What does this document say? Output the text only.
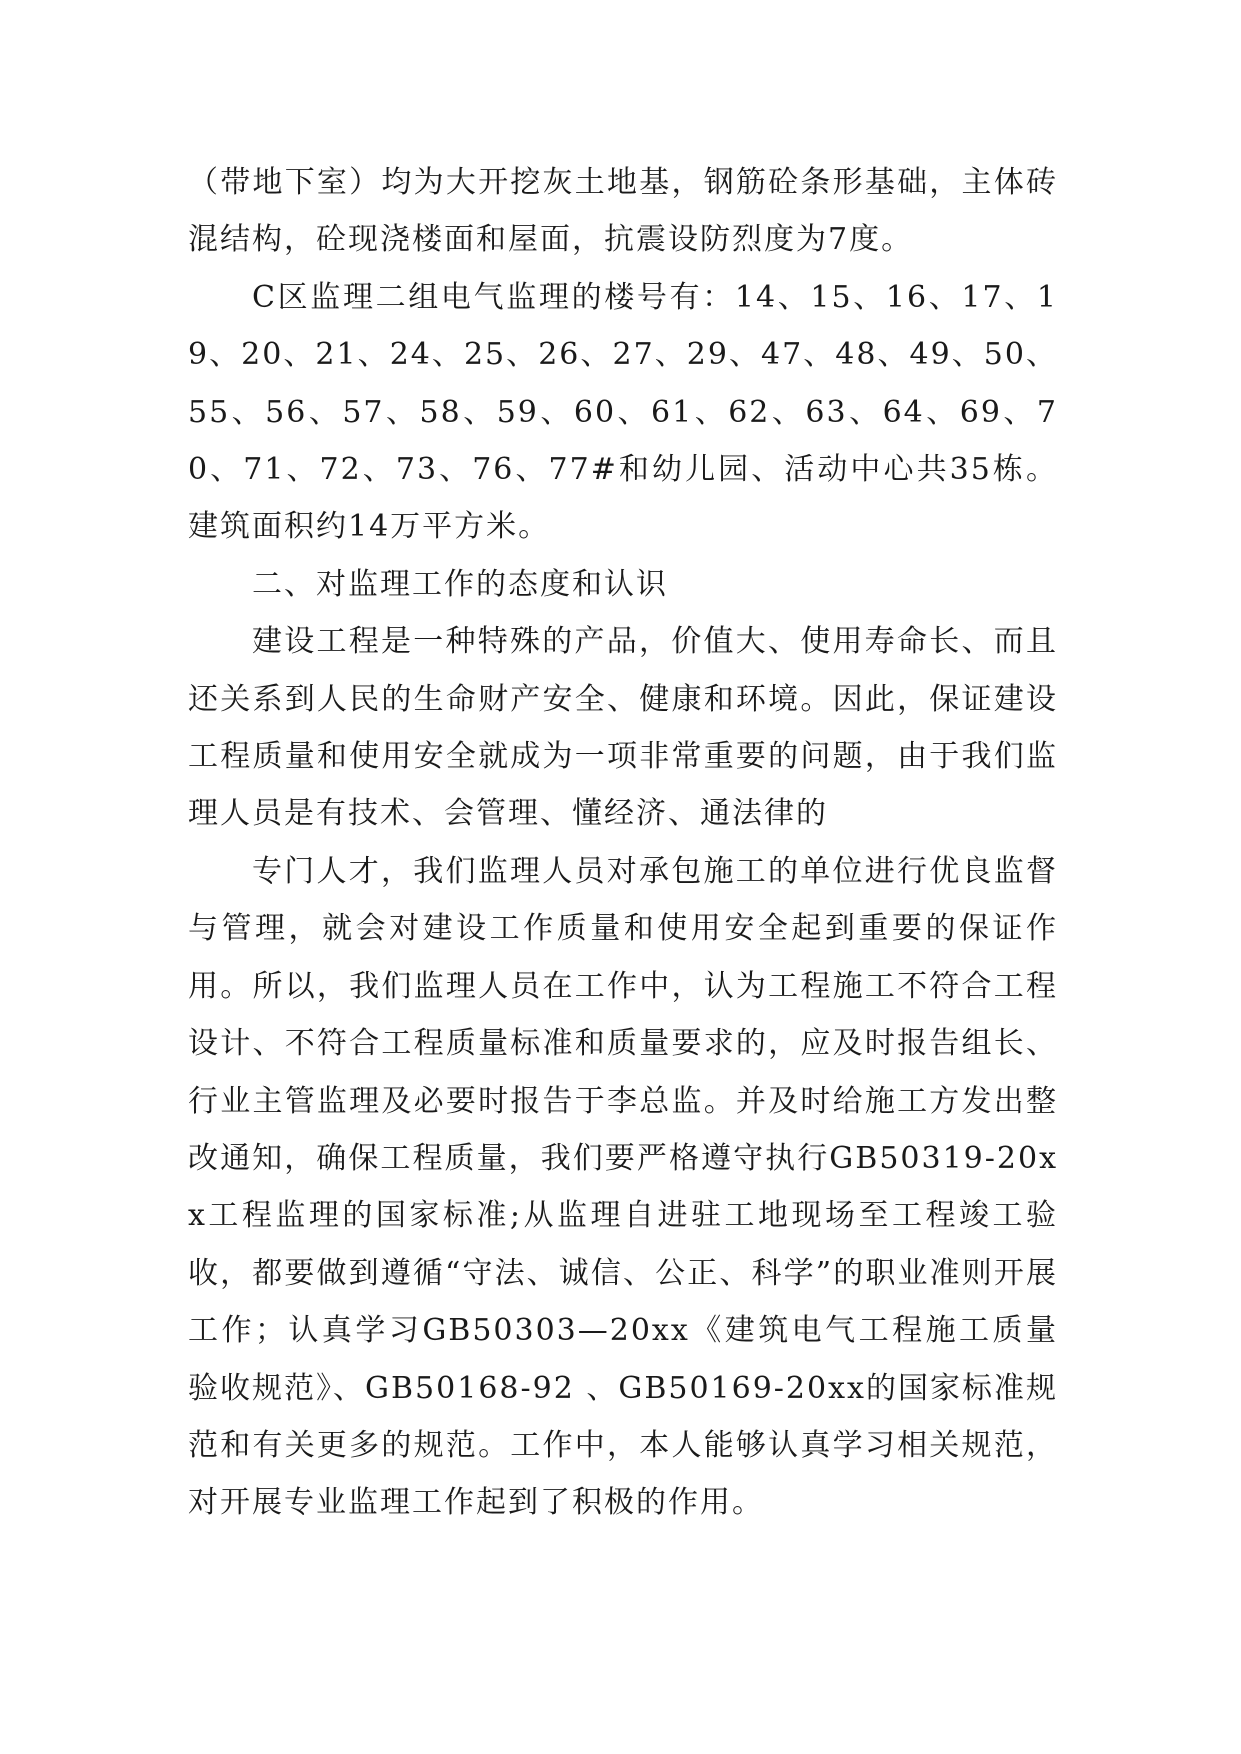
（带地下室）均为大开挖灰土地基，钢筋砼条形基础，主体砖混结构，砼现浇楼面和屋面，抗震设防烈度为7度。

C区监理二组电气监理的楼号有：14、15、16、17、19、20、21、24、25、26、27、29、47、48、49、50、55、56、57、58、59、60、61、62、63、64、69、70、71、72、73、76、77#和幼儿园、活动中心共35栋。建筑面积约14万平方米。

二、对监理工作的态度和认识

建设工程是一种特殊的产品，价值大、使用寿命长、而且还关系到人民的生命财产安全、健康和环境。因此，保证建设工程质量和使用安全就成为一项非常重要的问题，由于我们监理人员是有技术、会管理、懂经济、通法律的

专门人才，我们监理人员对承包施工的单位进行优良监督与管理，就会对建设工作质量和使用安全起到重要的保证作用。所以，我们监理人员在工作中，认为工程施工不符合工程设计、不符合工程质量标准和质量要求的，应及时报告组长、行业主管监理及必要时报告于李总监。并及时给施工方发出整改通知，确保工程质量，我们要严格遵守执行GB50319-20xx工程监理的国家标准;从监理自进驻工地现场至工程竣工验收，都要做到遵循“守法、诚信、公正、科学”的职业准则开展工作；认真学习GB50303—20xx《建筑电气工程施工质量验收规范》、GB50168-92 、GB50169-20xx的国家标准规范和有关更多的规范。工作中，本人能够认真学习相关规范，对开展专业监理工作起到了积极的作用。
